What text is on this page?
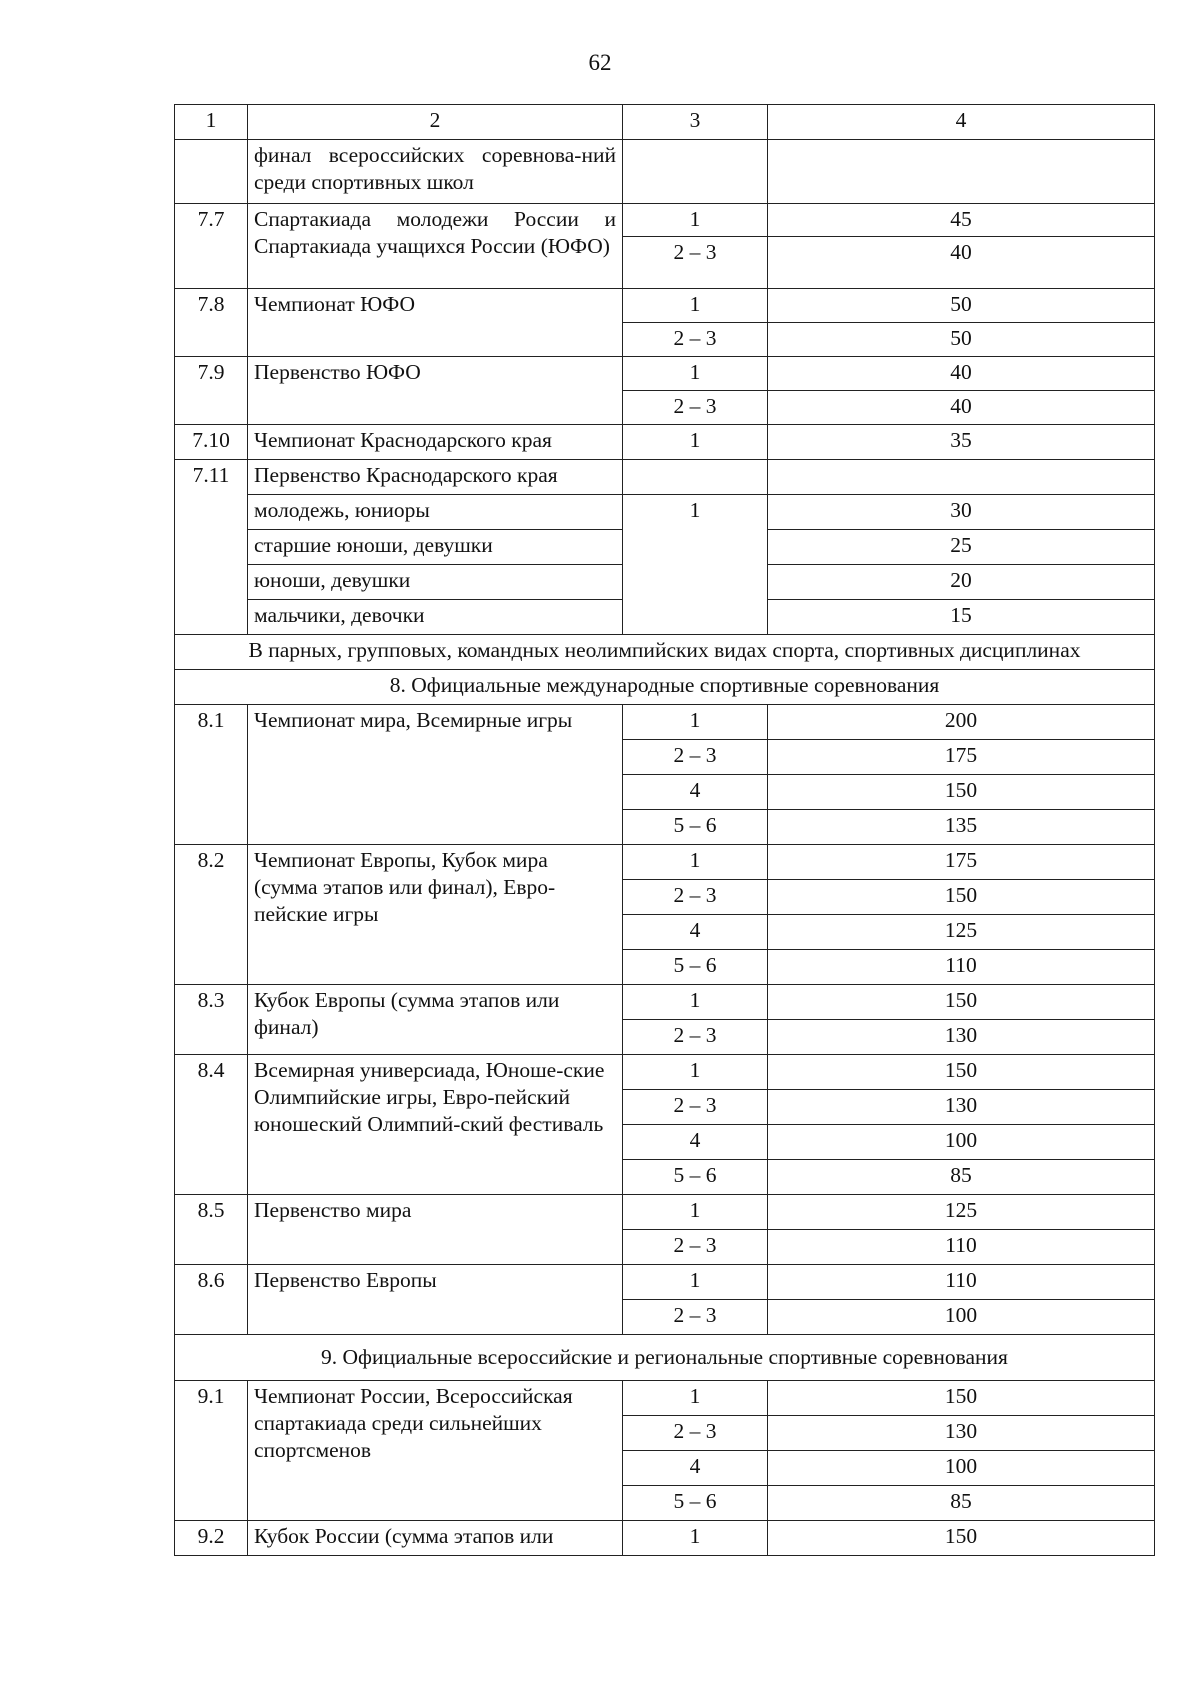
62
1	2	3	4
	финал всероссийских соревнова-ний среди спортивных школ		
7.7	Спартакиада молодежи России и Спартакиада учащихся России (ЮФО)	1	45
		2 – 3	40
7.8	Чемпионат ЮФО	1	50
		2 – 3	50
7.9	Первенство ЮФО	1	40
		2 – 3	40
7.10	Чемпионат Краснодарского края	1	35
7.11	Первенство Краснодарского края		
	молодежь, юниоры	1	30
	старшие юноши, девушки		25
	юноши, девушки		20
	мальчики, девочки		15
В парных, групповых, командных неолимпийских видах спорта, спортивных дисциплинах			
8. Официальные международные спортивные соревнования			
8.1	Чемпионат мира, Всемирные игры	1	200
		2 – 3	175
		4	150
		5 – 6	135
8.2	Чемпионат Европы, Кубок мира (сумма этапов или финал), Евро-пейские игры	1	175
		2 – 3	150
		4	125
		5 – 6	110
8.3	Кубок Европы (сумма этапов или финал)	1	150
		2 – 3	130
8.4	Всемирная универсиада, Юноше-ские Олимпийские игры, Евро-пейский юношеский Олимпий-ский фестиваль	1	150
		2 – 3	130
		4	100
		5 – 6	85
8.5	Первенство мира	1	125
		2 – 3	110
8.6	Первенство Европы	1	110
		2 – 3	100
9. Официальные всероссийские и региональные спортивные соревнования			
9.1	Чемпионат России, Всероссийская спартакиада среди сильнейших спортсменов	1	150
		2 – 3	130
		4	100
		5 – 6	85
9.2	Кубок России (сумма этапов или	1	150
